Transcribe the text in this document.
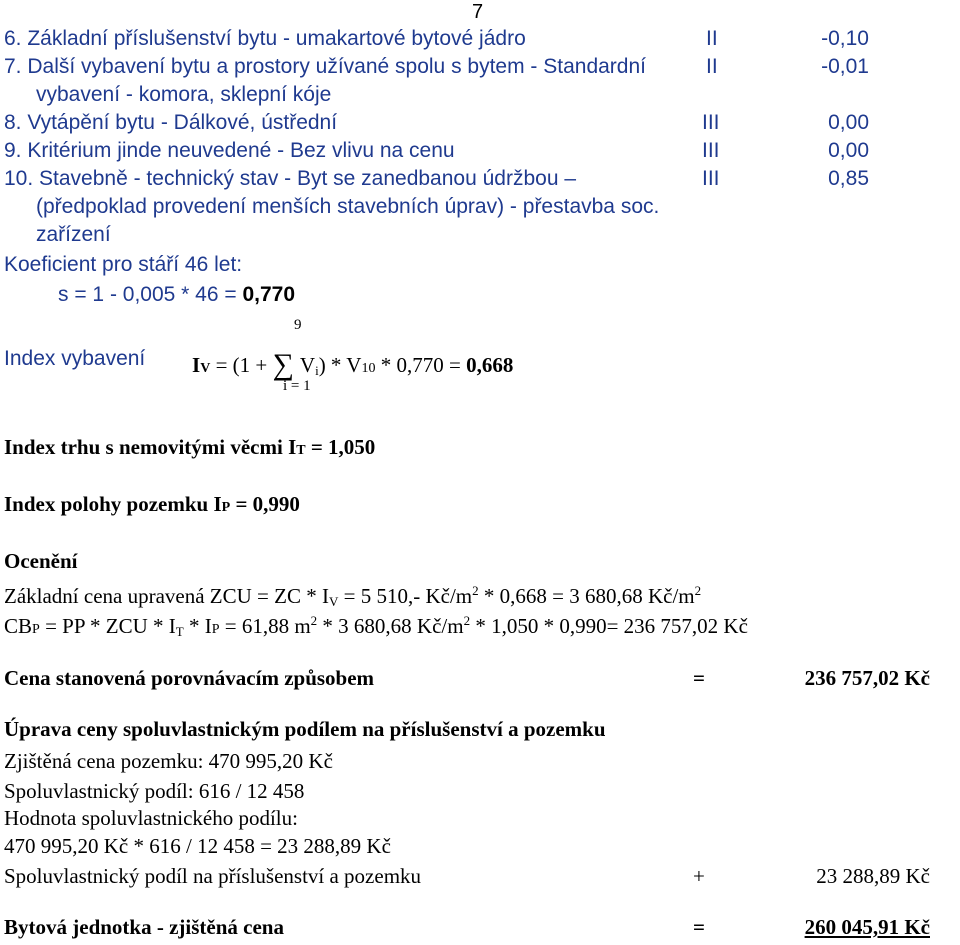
7
6. Základní příslušenství bytu - umakartové bytové jádro	II	-0,10
7. Další vybavení bytu a prostory užívané spolu s bytem - Standardní
vybavení - komora, sklepní kóje
II	-0,01
8. Vytápění bytu - Dálkové, ústřední	III	0,00
9. Kritérium jinde neuvedené - Bez vlivu na cenu	III	0,00
10. Stavebně - technický stav - Byt se zanedbanou údržbou –
(předpoklad provedení menších stavebních úprav) - přestavba soc.
zařízení
III	0,85
Koeficient pro stáří 46 let:
s = 1 - 0,005 * 46 = 0,770
9
Index vybavení IV = (1 + ∑ $V_i) * V10 * 0,770 = 0,668$
i = 1
Index trhu s nemovitými věcmi IT = 1,050
Index polohy pozemku IP = 0,990
Ocenění
Základní cena upravená ZCU = ZC * $I_V = 5$ 510,- $Kč/m^2 * 0,668 = 3$ 680,68 $Kč/m^2$
CBP = PP * ZCU * $I_T$ * IP = 61,88 $m^2 * 3$ 680,68 $Kč/m^2 * 1,050 * 0,990= 236$ 757,02 Kč
Cena stanovená porovnávacím způsobem	=	236 757,02 Kč
Úprava ceny spoluvlastnickým podílem na příslušenství a pozemku
Zjištěná cena pozemku: 470 995,20 Kč
Spoluvlastnický podíl: 616 / 12 458
Hodnota spoluvlastnického podílu:
470 995,20 Kč * 616 / 12 458 = 23 288,89 Kč
Spoluvlastnický podíl na příslušenství a pozemku	+	23 288,89 Kč
Bytová jednotka - zjištěná cena	=	260 045,91 Kč
